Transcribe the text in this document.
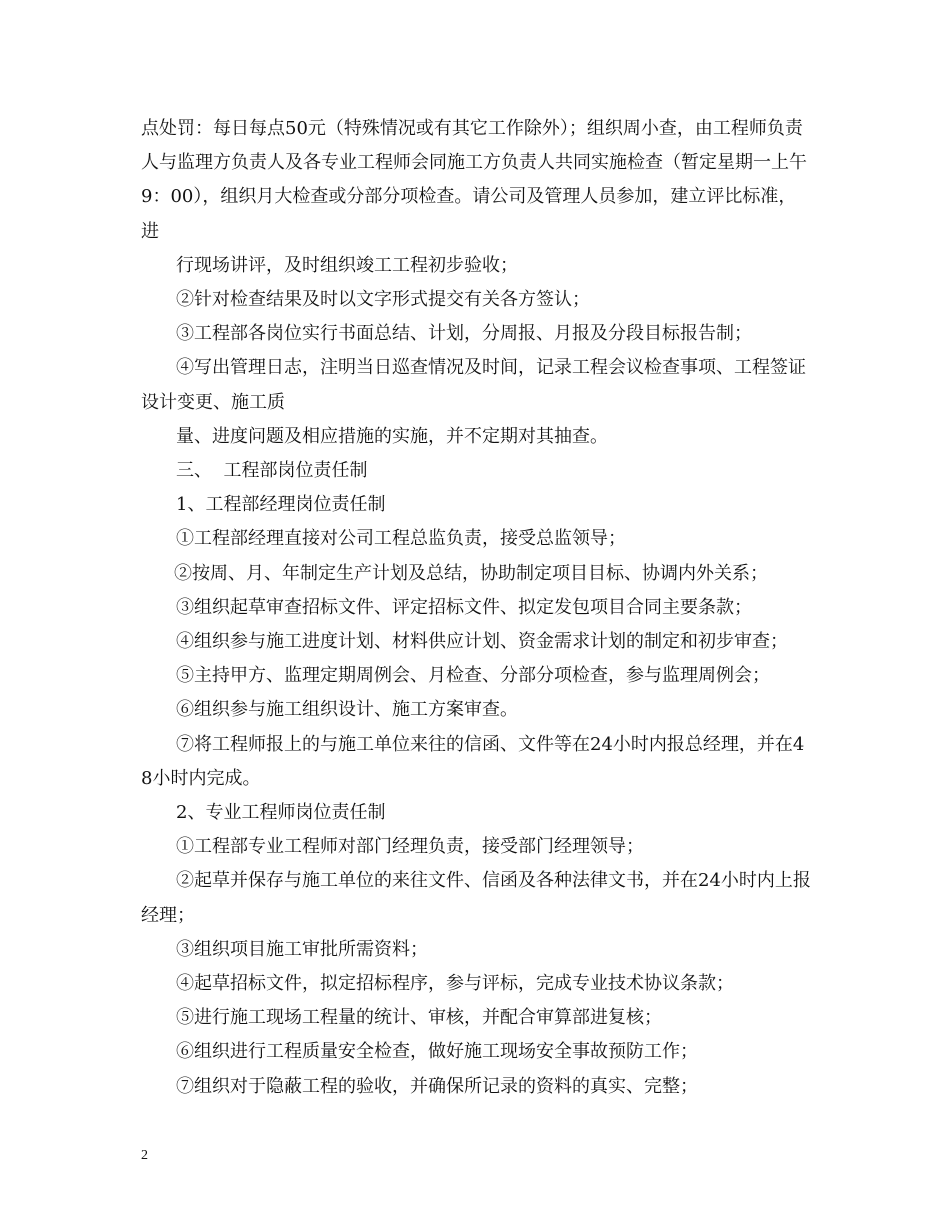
点处罚：每日每点50元（特殊情况或有其它工作除外）；组织周小查，由工程师负责人与监理方负责人及各专业工程师会同施工方负责人共同实施检查（暂定星期一上午9：00），组织月大检查或分部分项检查。请公司及管理人员参加，建立评比标准，进

行现场讲评，及时组织竣工工程初步验收；

②针对检查结果及时以文字形式提交有关各方签认；

③工程部各岗位实行书面总结、计划，分周报、月报及分段目标报告制；

④写出管理日志，注明当日巡查情况及时间，记录工程会议检查事项、工程签证设计变更、施工质

量、进度问题及相应措施的实施，并不定期对其抽查。

三、  工程部岗位责任制

1、工程部经理岗位责任制

①工程部经理直接对公司工程总监负责，接受总监领导；

②按周、月、年制定生产计划及总结，协助制定项目目标、协调内外关系；

③组织起草审查招标文件、评定招标文件、拟定发包项目合同主要条款；

④组织参与施工进度计划、材料供应计划、资金需求计划的制定和初步审查；

⑤主持甲方、监理定期周例会、月检查、分部分项检查，参与监理周例会；

⑥组织参与施工组织设计、施工方案审查。

⑦将工程师报上的与施工单位来往的信函、文件等在24小时内报总经理，并在48小时内完成。

2、专业工程师岗位责任制

①工程部专业工程师对部门经理负责，接受部门经理领导；

②起草并保存与施工单位的来往文件、信函及各种法律文书，并在24小时内上报经理；

③组织项目施工审批所需资料；

④起草招标文件，拟定招标程序，参与评标，完成专业技术协议条款；

⑤进行施工现场工程量的统计、审核，并配合审算部进复核；

⑥组织进行工程质量安全检查，做好施工现场安全事故预防工作；

⑦组织对于隐蔽工程的验收，并确保所记录的资料的真实、完整；

2
